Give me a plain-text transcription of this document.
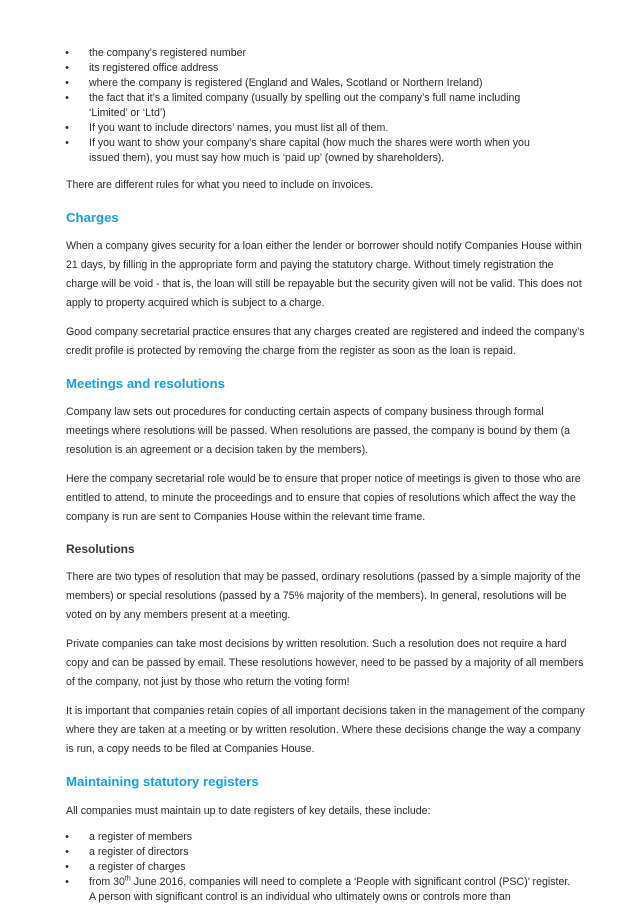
• the company’s registered number
• its registered office address
• where the company is registered (England and Wales, Scotland or Northern Ireland)
• the fact that it’s a limited company (usually by spelling out the company’s full name including ‘Limited’ or ‘Ltd’)
• If you want to include directors’ names, you must list all of them.
• If you want to show your company’s share capital (how much the shares were worth when you issued them), you must say how much is ‘paid up’ (owned by shareholders).

There are different rules for what you need to include on invoices.

Charges

When a company gives security for a loan either the lender or borrower should notify Companies House within 21 days, by filling in the appropriate form and paying the statutory charge. Without timely registration the charge will be void - that is, the loan will still be repayable but the security given will not be valid. This does not apply to property acquired which is subject to a charge.

Good company secretarial practice ensures that any charges created are registered and indeed the company’s credit profile is protected by removing the charge from the register as soon as the loan is repaid.

Meetings and resolutions

Company law sets out procedures for conducting certain aspects of company business through formal meetings where resolutions will be passed. When resolutions are passed, the company is bound by them (a resolution is an agreement or a decision taken by the members).

Here the company secretarial role would be to ensure that proper notice of meetings is given to those who are entitled to attend, to minute the proceedings and to ensure that copies of resolutions which affect the way the company is run are sent to Companies House within the relevant time frame.

Resolutions

There are two types of resolution that may be passed, ordinary resolutions (passed by a simple majority of the members) or special resolutions (passed by a 75% majority of the members). In general, resolutions will be voted on by any members present at a meeting.

Private companies can take most decisions by written resolution. Such a resolution does not require a hard copy and can be passed by email. These resolutions however, need to be passed by a majority of all members of the company, not just by those who return the voting form!

It is important that companies retain copies of all important decisions taken in the management of the company where they are taken at a meeting or by written resolution. Where these decisions change the way a company is run, a copy needs to be filed at Companies House.

Maintaining statutory registers

All companies must maintain up to date registers of key details, these include:

• a register of members
• a register of directors
• a register of charges
• from 30th June 2016, companies will need to complete a ‘People with significant control (PSC)’ register. A person with significant control is an individual who ultimately owns or controls more than
